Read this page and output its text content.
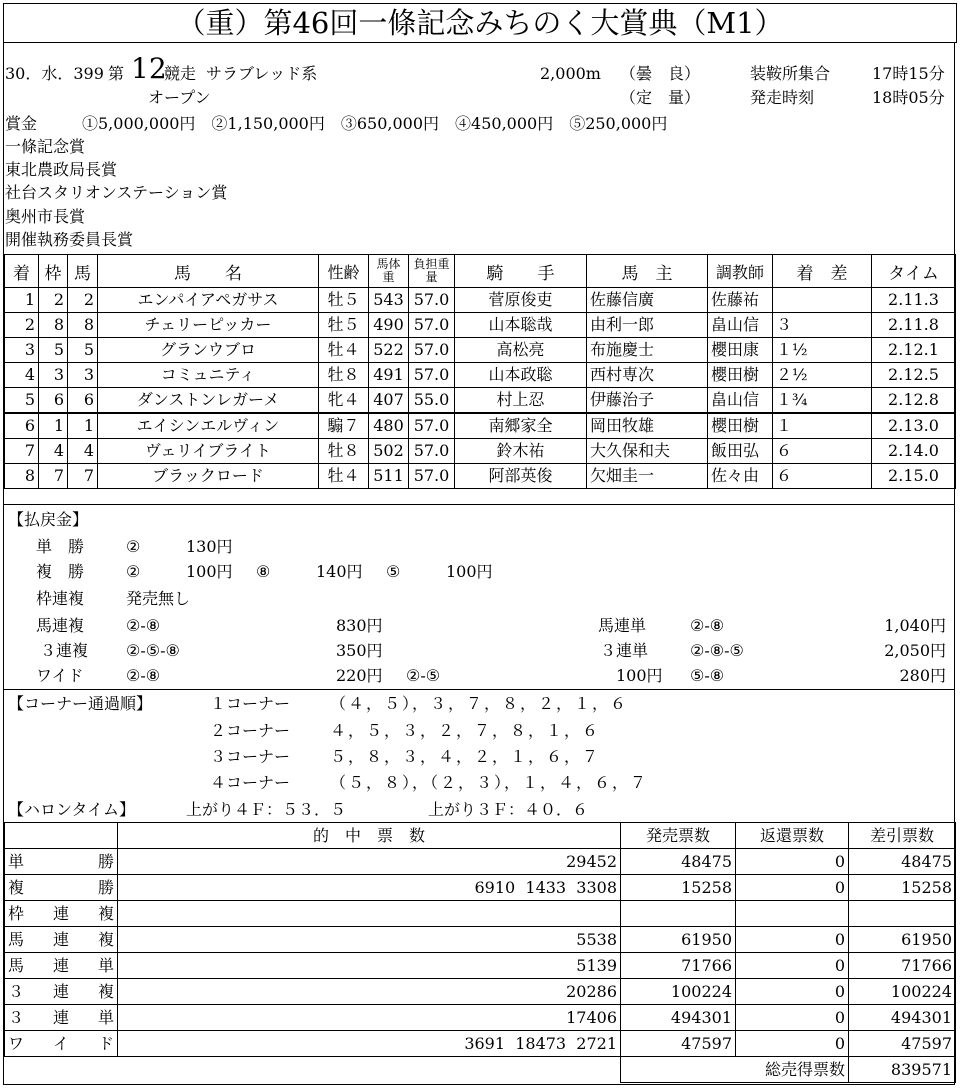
（重）第46回一條記念みちのく大賞典（M1）
30．水．399 第 12
競走 サラブレッド系
オープン
2,000m （曇　良）
（定　量）
装鞍所集合	17時15分
発走時刻	18時05分
賞金	①5,000,000円　②1,150,000円　③650,000円　④450,000円　⑤250,000円
一條記念賞
東北農政局長賞
社台スタリオンステーション賞
奥州市長賞
開催執務委員長賞
着	枠	馬	馬　　名	性齢	馬体重	負担重量	騎　　手	馬　主	調教師	着　差	タイム
1	2	2	エンパイアペガサス	牡５	543	57.0	菅原俊吏	佐藤信廣	佐藤祐		2.11.3
2	8	8	チェリーピッカー	牡５	490	57.0	山本聡哉	由利一郎	畠山信	３	2.11.8
3	5	5	グランウブロ	牡４	522	57.0	高松亮	布施慶士	櫻田康	１½	2.12.1
4	3	3	コミュニティ	牡８	491	57.0	山本政聡	西村専次	櫻田樹	２½	2.12.5
5	6	6	ダンストンレガーメ	牝４	407	55.0	村上忍	伊藤治子	畠山信	１¾	2.12.8
6	1	1	エイシンエルヴィン	騸７	480	57.0	南郷家全	岡田牧雄	櫻田樹	１	2.13.0
7	4	4	ヴェリイブライト	牡８	502	57.0	鈴木祐	大久保和夫	飯田弘	６	2.14.0
8	7	7	ブラックロード	牡４	511	57.0	阿部英俊	欠畑圭一	佐々由	６	2.15.0
【払戻金】
単　勝	②	130円
複　勝	②	100円 ⑧	140円 ⑤	100円
枠連複	発売無し
馬連複	②-⑧	830円	馬連単	②-⑧	1,040円
３連複 ②-⑤-⑧	350円	３連単	②-⑧-⑤	2,050円
ワイド	②-⑧	220円 ②-⑤	100円 ⑤-⑧	280円
【コーナー通過順】	１コーナー （４，５），３，７，８，２，１，６
２コーナー ４，５，３，２，７，８，１，６
３コーナー ５，８，３，４，２，１，６，７
４コーナー （５，８），（２，３），１，４，６，７
【ハロンタイム】	上がり４Ｆ：５３．５	上がり３Ｆ：４０．６
	的　中　票　数	発売票数	返還票数	差引票数

単 勝	29452	48475	0	48475

複 勝	6910  1433  3308	15258	0	15258

枠 連 複				

馬 連 複	5538	61950	0	61950

馬 連 単	5139	71766	0	71766

３ 連 複	20286	100224	0	100224

３ 連 単	17406	494301	0	494301

ワ イ ド	3691  18473  2721	47597	0	47597
		総売得票数		839571
